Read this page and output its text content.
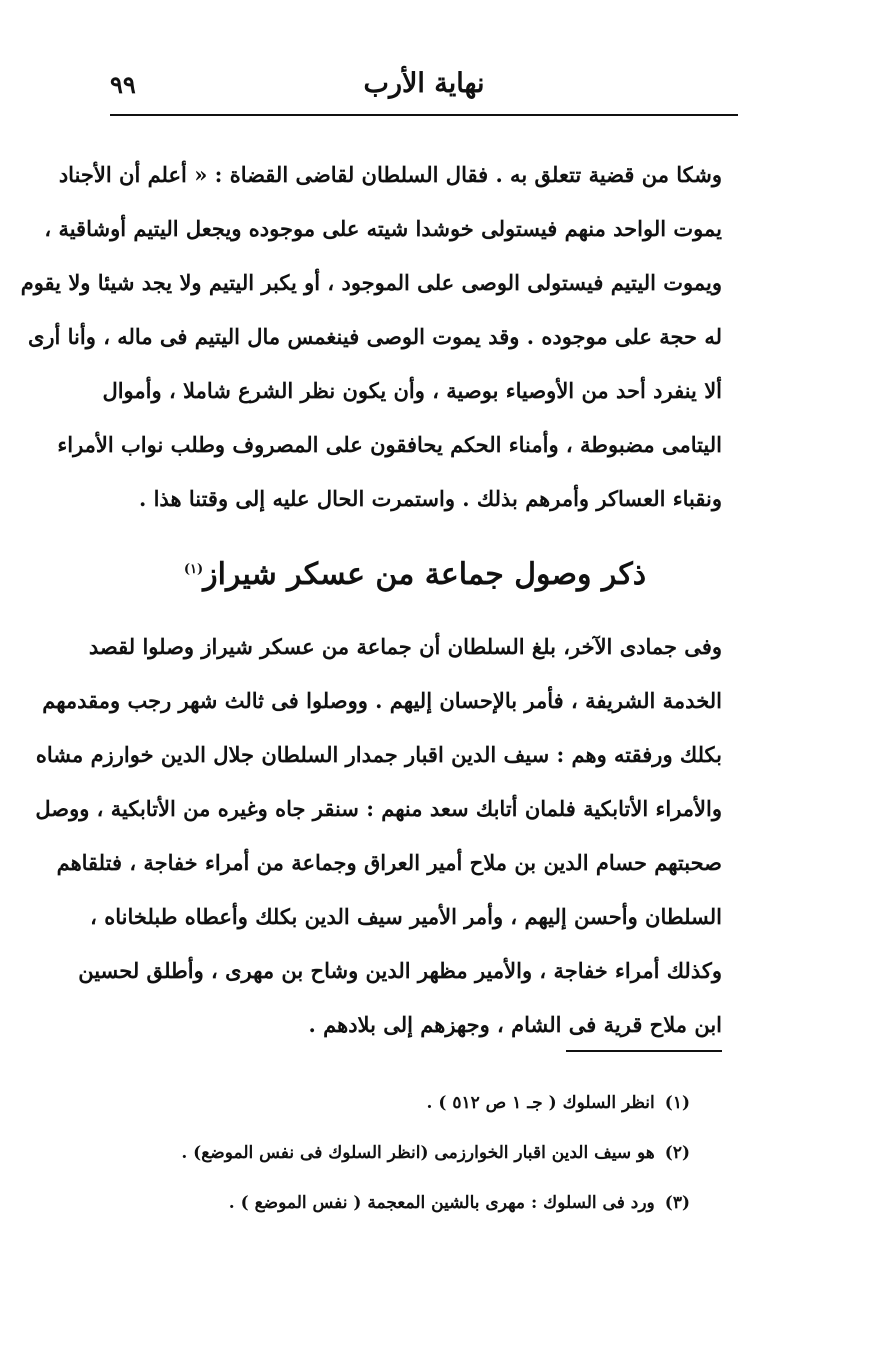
نهاية الأرب
٩٩
وشكا من قضية تتعلق به . فقال السلطان لقاضى القضاة : « أعلم أن الأجناد
يموت الواحد منهم فيستولى خوشدا شيته على موجوده ويجعل اليتيم أوشاقية ،
ويموت اليتيم فيستولى الوصى على الموجود ، أو يكبر اليتيم ولا يجد شيئا ولا يقوم
له حجة على موجوده . وقد يموت الوصى فينغمس مال اليتيم فى ماله ، وأنا أرى
ألا ينفرد أحد من الأوصياء بوصية ، وأن يكون نظر الشرع شاملا ، وأموال
اليتامى مضبوطة ، وأمناء الحكم يحافقون على المصروف وطلب نواب الأمراء
ونقباء العساكر وأمرهم بذلك . واستمرت الحال عليه إلى وقتنا هذا .
ذكر وصول جماعة من عسكر شيراز$^{(١)}$
وفى جمادى الآخر، بلغ السلطان أن جماعة من عسكر شيراز وصلوا لقصد
الخدمة الشريفة ، فأمر بالإحسان إليهم . ووصلوا فى ثالث شهر رجب ومقدمهم
بكلك ورفقته وهم : سيف الدين اقبار جمدار السلطان جلال الدين خوارزم مشاه
والأمراء الأتابكية فلمان أتابك سعد منهم : سنقر جاه وغيره من الأتابكية ، ووصل
صحبتهم حسام الدين بن ملاح أمير العراق وجماعة من أمراء خفاجة ، فتلقاهم
السلطان وأحسن إليهم ، وأمر الأمير سيف الدين بكلك وأعطاه طبلخاناه ،
وكذلك أمراء خفاجة ، والأمير مظهر الدين وشاح بن مهرى ، وأطلق لحسين
ابن ملاح قرية فى الشام ، وجهزهم إلى بلادهم .
(١)انظر السلوك ( جـ ١ ص ٥١٢ ) .
(٢)هو سيف الدين اقبار الخوارزمى (انظر السلوك فى نفس الموضع) .
(٣)ورد فى السلوك : مهرى بالشين المعجمة ( نفس الموضع ) .
